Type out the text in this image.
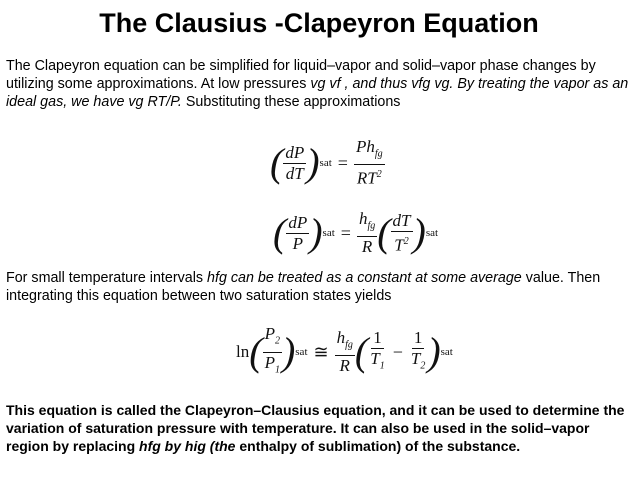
The Clausius -Clapeyron Equation
The Clapeyron equation can be simplified for liquid–vapor and solid–vapor phase changes by utilizing some approximations. At low pressures vg vf , and thus vfg vg. By treating the vapor as an ideal gas, we have vg RT/P. Substituting these approximations
( $\frac{dP}{dT}$ ) sat = $\frac{Ph_{fg}}{RT^2}$
( $\frac{dP}{P}$ ) sat = $\frac{h_{fg}}{R}$ ( $\frac{dT}{T^2}$ ) sat
For small temperature intervals hfg can be treated as a constant at some average value. Then integrating this equation between two saturation states yields
ln ( $\frac{P_2}{P_1}$ ) sat ≅ $\frac{h_{fg}}{R}$ ( $\frac{1}{T_1} - \frac{1}{T_2}$ ) sat
This equation is called the Clapeyron–Clausius equation, and it can be used to determine the variation of saturation pressure with temperature. It can also be used in the solid–vapor region by replacing hfg by hig (the enthalpy of sublimation) of the substance.
